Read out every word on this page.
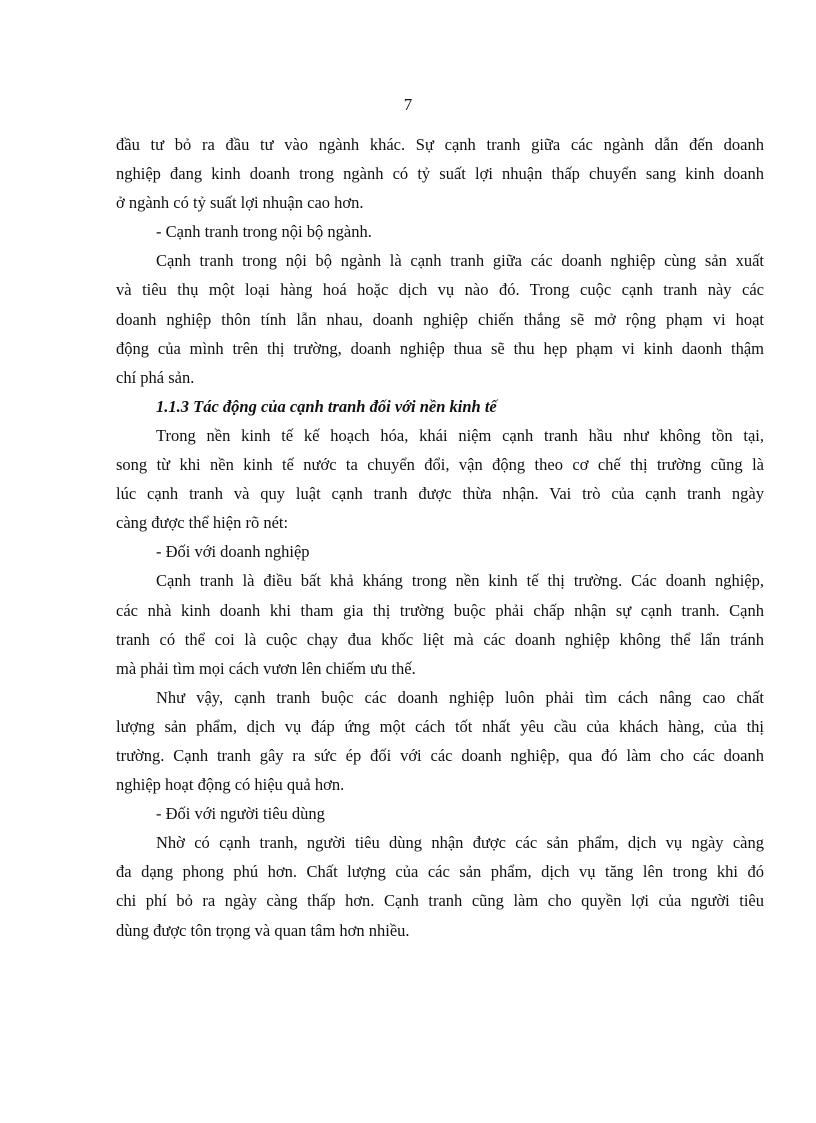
7
đầu tư bỏ ra đầu tư vào ngành khác. Sự cạnh tranh giữa các ngành dẫn đến doanh
nghiệp đang kinh doanh trong ngành có tỷ suất lợi nhuận thấp chuyển sang kinh doanh
ở ngành có tỷ suất lợi nhuận cao hơn.
- Cạnh tranh trong nội bộ ngành.
Cạnh tranh trong nội bộ ngành là cạnh tranh giữa các doanh nghiệp cùng sản xuất
và tiêu thụ một loại hàng hoá hoặc dịch vụ nào đó. Trong cuộc cạnh tranh này các
doanh nghiệp thôn tính lẫn nhau, doanh nghiệp chiến thắng sẽ mở rộng phạm vi hoạt
động của mình trên thị trường, doanh nghiệp thua sẽ thu hẹp phạm vi kinh daonh thậm
chí phá sản.
1.1.3 Tác động của cạnh tranh đối với nền kinh tế
Trong nền kinh tế kế hoạch hóa, khái niệm cạnh tranh hầu như không tồn tại,
song từ khi nền kinh tế nước ta chuyển đổi, vận động theo cơ chế thị trường cũng là
lúc cạnh tranh và quy luật cạnh tranh được thừa nhận. Vai trò của cạnh tranh ngày
càng được thể hiện rõ nét:
- Đối với doanh nghiệp
Cạnh tranh là điều bất khả kháng trong nền kinh tế thị trường. Các doanh nghiệp,
các nhà kinh doanh khi tham gia thị trường buộc phải chấp nhận sự cạnh tranh. Cạnh
tranh có thể coi là cuộc chạy đua khốc liệt mà các doanh nghiệp không thể lẩn tránh
mà phải tìm mọi cách vươn lên chiếm ưu thế.
Như vậy, cạnh tranh buộc các doanh nghiệp luôn phải tìm cách nâng cao chất
lượng sản phẩm, dịch vụ đáp ứng một cách tốt nhất yêu cầu của khách hàng, của thị
trường. Cạnh tranh gây ra sức ép đối với các doanh nghiệp, qua đó làm cho các doanh
nghiệp hoạt động có hiệu quả hơn.
- Đối với người tiêu dùng
Nhờ có cạnh tranh, người tiêu dùng nhận được các sản phẩm, dịch vụ ngày càng
đa dạng phong phú hơn. Chất lượng của các sản phẩm, dịch vụ tăng lên trong khi đó
chi phí bỏ ra ngày càng thấp hơn. Cạnh tranh cũng làm cho quyền lợi của người tiêu
dùng được tôn trọng và quan tâm hơn nhiều.
